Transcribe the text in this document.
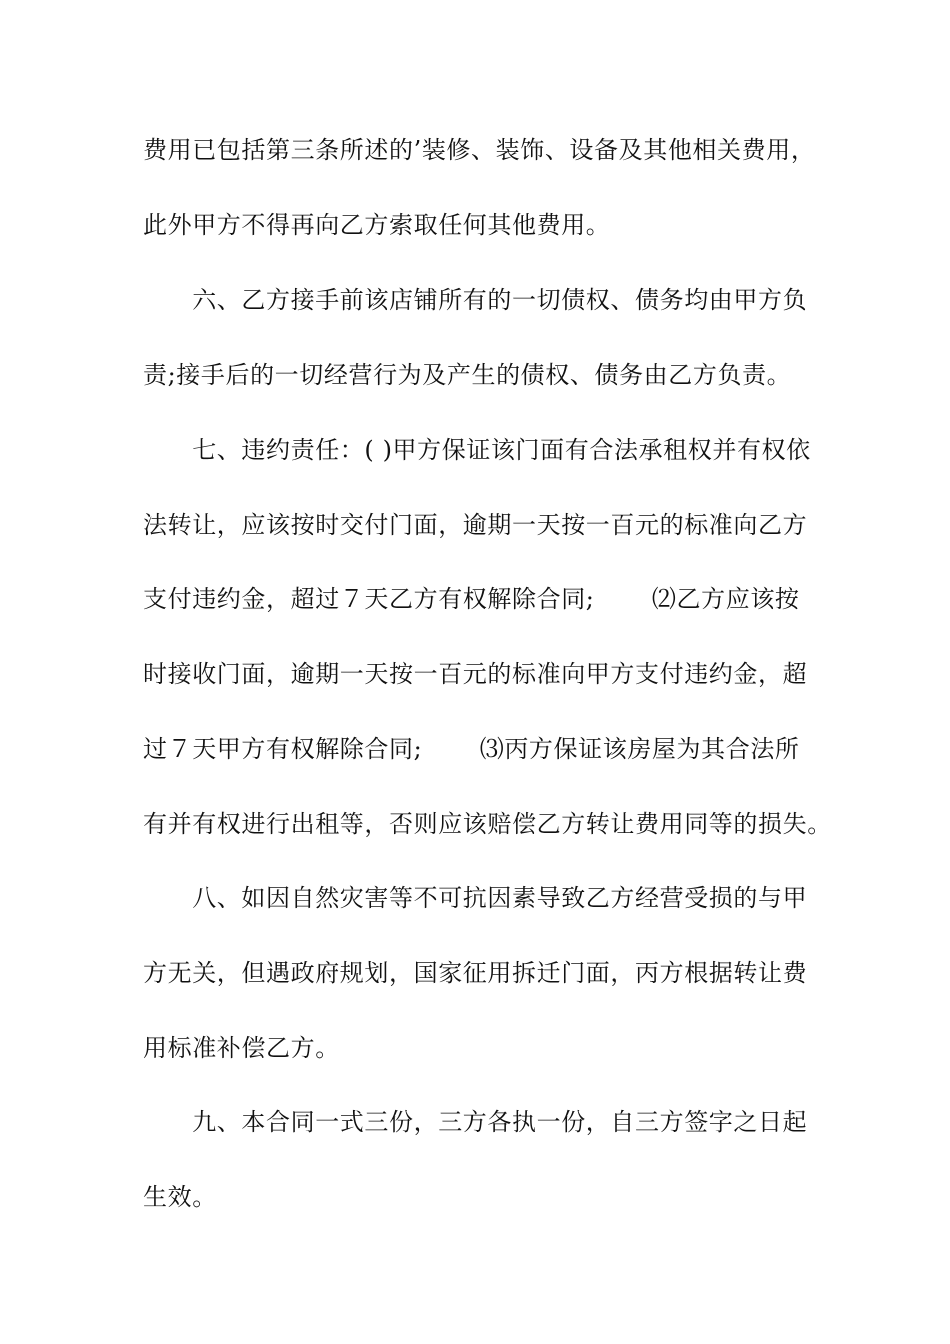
费用已包括第三条所述的’装修、装饰、设备及其他相关费用，
此外甲方不得再向乙方索取任何其他费用。
　　六、乙方接手前该店铺所有的一切债权、债务均由甲方负
责;接手后的一切经营行为及产生的债权、债务由乙方负责。
　　七、违约责任：( )甲方保证该门面有合法承租权并有权依
法转让，应该按时交付门面，逾期一天按一百元的标准向乙方
支付违约金，超过７天乙方有权解除合同;　　 ⑵乙方应该按
时接收门面，逾期一天按一百元的标准向甲方支付违约金，超
过７天甲方有权解除合同;　　 ⑶丙方保证该房屋为其合法所
有并有权进行出租等，否则应该赔偿乙方转让费用同等的损失。
　　八、如因自然灾害等不可抗因素导致乙方经营受损的与甲
方无关，但遇政府规划，国家征用拆迁门面，丙方根据转让费
用标准补偿乙方。
　　九、本合同一式三份，三方各执一份，自三方签字之日起
生效。
